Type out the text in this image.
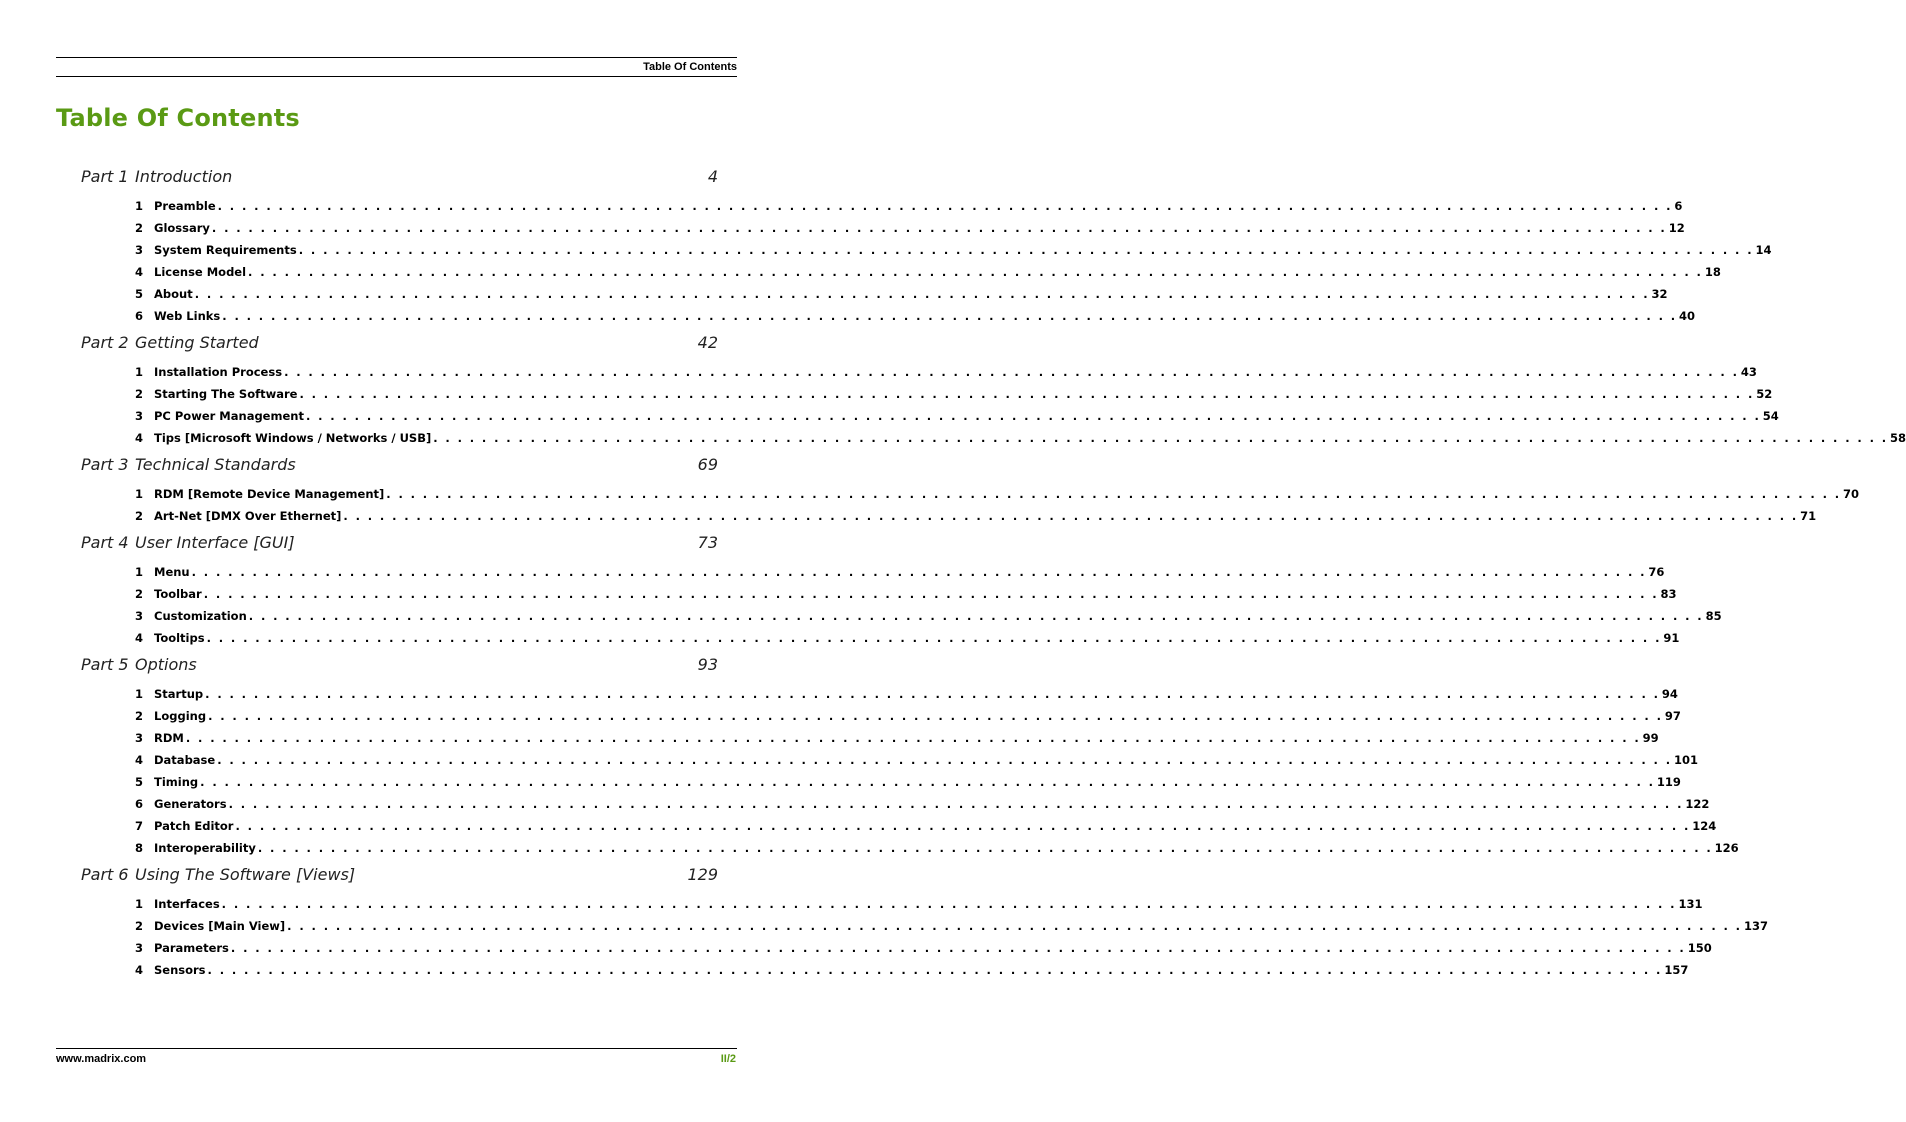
Table Of Contents
Table Of Contents
Part 1 Introduction	4
1 Preamble . . . . . . . . . . . . . . . . . . . . . . . . . . . . . . . . . . . . . . . . . . . . . . . . . . . . . . . . . . . . . . . . . . . . . . . . . . . . . . . . . . . . . . . . . . . . . . . . . . . . . . . . . . . . . . . . . . . . . . . . 6
2 Glossary . . . . . . . . . . . . . . . . . . . . . . . . . . . . . . . . . . . . . . . . . . . . . . . . . . . . . . . . . . . . . . . . . . . . . . . . . . . . . . . . . . . . . . . . . . . . . . . . . . . . . . . . . . . . . . . . . . . . . . . . 12
3 System Requirements . . . . . . . . . . . . . . . . . . . . . . . . . . . . . . . . . . . . . . . . . . . . . . . . . . . . . . . . . . . . . . . . . . . . . . . . . . . . . . . . . . . . . . . . . . . . . . . . . . . . . . . . . . . . . . . . . . . . . . . . 14
4 License Model . . . . . . . . . . . . . . . . . . . . . . . . . . . . . . . . . . . . . . . . . . . . . . . . . . . . . . . . . . . . . . . . . . . . . . . . . . . . . . . . . . . . . . . . . . . . . . . . . . . . . . . . . . . . . . . . . . . . . . . . 18
5 About . . . . . . . . . . . . . . . . . . . . . . . . . . . . . . . . . . . . . . . . . . . . . . . . . . . . . . . . . . . . . . . . . . . . . . . . . . . . . . . . . . . . . . . . . . . . . . . . . . . . . . . . . . . . . . . . . . . . . . . . 32
6 Web Links . . . . . . . . . . . . . . . . . . . . . . . . . . . . . . . . . . . . . . . . . . . . . . . . . . . . . . . . . . . . . . . . . . . . . . . . . . . . . . . . . . . . . . . . . . . . . . . . . . . . . . . . . . . . . . . . . . . . . . . . 40
Part 2 Getting Started	42
1 Installation Process . . . . . . . . . . . . . . . . . . . . . . . . . . . . . . . . . . . . . . . . . . . . . . . . . . . . . . . . . . . . . . . . . . . . . . . . . . . . . . . . . . . . . . . . . . . . . . . . . . . . . . . . . . . . . . . . . . . . . . . . 43
2 Starting The Software . . . . . . . . . . . . . . . . . . . . . . . . . . . . . . . . . . . . . . . . . . . . . . . . . . . . . . . . . . . . . . . . . . . . . . . . . . . . . . . . . . . . . . . . . . . . . . . . . . . . . . . . . . . . . . . . . . . . . . . . 52
3 PC Power Management . . . . . . . . . . . . . . . . . . . . . . . . . . . . . . . . . . . . . . . . . . . . . . . . . . . . . . . . . . . . . . . . . . . . . . . . . . . . . . . . . . . . . . . . . . . . . . . . . . . . . . . . . . . . . . . . . . . . . . . . 54
4 Tips [Microsoft Windows / Networks / USB] . . . . . . . . . . . . . . . . . . . . . . . . . . . . . . . . . . . . . . . . . . . . . . . . . . . . . . . . . . . . . . . . . . . . . . . . . . . . . . . . . . . . . . . . . . . . . . . . . . . . . . . . . . . . . . . . . . . . . . . . 58
Part 3 Technical Standards	69
1 RDM [Remote Device Management] . . . . . . . . . . . . . . . . . . . . . . . . . . . . . . . . . . . . . . . . . . . . . . . . . . . . . . . . . . . . . . . . . . . . . . . . . . . . . . . . . . . . . . . . . . . . . . . . . . . . . . . . . . . . . . . . . . . . . . . . 70
2 Art-Net [DMX Over Ethernet] . . . . . . . . . . . . . . . . . . . . . . . . . . . . . . . . . . . . . . . . . . . . . . . . . . . . . . . . . . . . . . . . . . . . . . . . . . . . . . . . . . . . . . . . . . . . . . . . . . . . . . . . . . . . . . . . . . . . . . . . 71
Part 4 User Interface [GUI]	73
1 Menu . . . . . . . . . . . . . . . . . . . . . . . . . . . . . . . . . . . . . . . . . . . . . . . . . . . . . . . . . . . . . . . . . . . . . . . . . . . . . . . . . . . . . . . . . . . . . . . . . . . . . . . . . . . . . . . . . . . . . . . . 76
2 Toolbar . . . . . . . . . . . . . . . . . . . . . . . . . . . . . . . . . . . . . . . . . . . . . . . . . . . . . . . . . . . . . . . . . . . . . . . . . . . . . . . . . . . . . . . . . . . . . . . . . . . . . . . . . . . . . . . . . . . . . . . . 83
3 Customization . . . . . . . . . . . . . . . . . . . . . . . . . . . . . . . . . . . . . . . . . . . . . . . . . . . . . . . . . . . . . . . . . . . . . . . . . . . . . . . . . . . . . . . . . . . . . . . . . . . . . . . . . . . . . . . . . . . . . . . . 85
4 Tooltips . . . . . . . . . . . . . . . . . . . . . . . . . . . . . . . . . . . . . . . . . . . . . . . . . . . . . . . . . . . . . . . . . . . . . . . . . . . . . . . . . . . . . . . . . . . . . . . . . . . . . . . . . . . . . . . . . . . . . . . . 91
Part 5 Options	93
1 Startup . . . . . . . . . . . . . . . . . . . . . . . . . . . . . . . . . . . . . . . . . . . . . . . . . . . . . . . . . . . . . . . . . . . . . . . . . . . . . . . . . . . . . . . . . . . . . . . . . . . . . . . . . . . . . . . . . . . . . . . . 94
2 Logging . . . . . . . . . . . . . . . . . . . . . . . . . . . . . . . . . . . . . . . . . . . . . . . . . . . . . . . . . . . . . . . . . . . . . . . . . . . . . . . . . . . . . . . . . . . . . . . . . . . . . . . . . . . . . . . . . . . . . . . . 97
3 RDM . . . . . . . . . . . . . . . . . . . . . . . . . . . . . . . . . . . . . . . . . . . . . . . . . . . . . . . . . . . . . . . . . . . . . . . . . . . . . . . . . . . . . . . . . . . . . . . . . . . . . . . . . . . . . . . . . . . . . . . . 99
4 Database . . . . . . . . . . . . . . . . . . . . . . . . . . . . . . . . . . . . . . . . . . . . . . . . . . . . . . . . . . . . . . . . . . . . . . . . . . . . . . . . . . . . . . . . . . . . . . . . . . . . . . . . . . . . . . . . . . . . . . . . 101
5 Timing . . . . . . . . . . . . . . . . . . . . . . . . . . . . . . . . . . . . . . . . . . . . . . . . . . . . . . . . . . . . . . . . . . . . . . . . . . . . . . . . . . . . . . . . . . . . . . . . . . . . . . . . . . . . . . . . . . . . . . . . 119
6 Generators . . . . . . . . . . . . . . . . . . . . . . . . . . . . . . . . . . . . . . . . . . . . . . . . . . . . . . . . . . . . . . . . . . . . . . . . . . . . . . . . . . . . . . . . . . . . . . . . . . . . . . . . . . . . . . . . . . . . . . . . 122
7 Patch Editor . . . . . . . . . . . . . . . . . . . . . . . . . . . . . . . . . . . . . . . . . . . . . . . . . . . . . . . . . . . . . . . . . . . . . . . . . . . . . . . . . . . . . . . . . . . . . . . . . . . . . . . . . . . . . . . . . . . . . . . . 124
8 Interoperability . . . . . . . . . . . . . . . . . . . . . . . . . . . . . . . . . . . . . . . . . . . . . . . . . . . . . . . . . . . . . . . . . . . . . . . . . . . . . . . . . . . . . . . . . . . . . . . . . . . . . . . . . . . . . . . . . . . . . . . . 126
Part 6 Using The Software [Views]	129
1 Interfaces . . . . . . . . . . . . . . . . . . . . . . . . . . . . . . . . . . . . . . . . . . . . . . . . . . . . . . . . . . . . . . . . . . . . . . . . . . . . . . . . . . . . . . . . . . . . . . . . . . . . . . . . . . . . . . . . . . . . . . . . 131
2 Devices [Main View] . . . . . . . . . . . . . . . . . . . . . . . . . . . . . . . . . . . . . . . . . . . . . . . . . . . . . . . . . . . . . . . . . . . . . . . . . . . . . . . . . . . . . . . . . . . . . . . . . . . . . . . . . . . . . . . . . . . . . . . . 137
3 Parameters . . . . . . . . . . . . . . . . . . . . . . . . . . . . . . . . . . . . . . . . . . . . . . . . . . . . . . . . . . . . . . . . . . . . . . . . . . . . . . . . . . . . . . . . . . . . . . . . . . . . . . . . . . . . . . . . . . . . . . . . 150
4 Sensors . . . . . . . . . . . . . . . . . . . . . . . . . . . . . . . . . . . . . . . . . . . . . . . . . . . . . . . . . . . . . . . . . . . . . . . . . . . . . . . . . . . . . . . . . . . . . . . . . . . . . . . . . . . . . . . . . . . . . . . . 157
www.madrix.com	II/2
